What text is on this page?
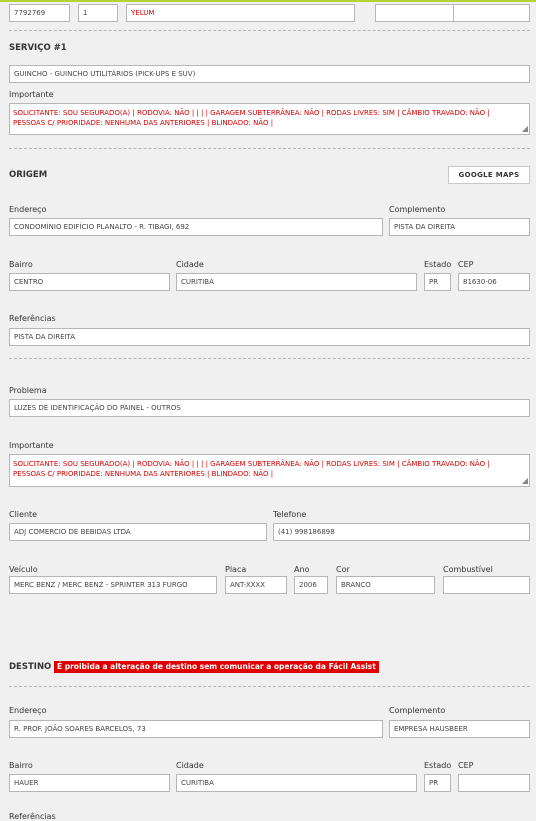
7792769	1	YELUM
SERVIÇO #1
GUINCHO - GUINCHO UTILITÁRIOS (PICK-UPS E SUV)
Importante
SOLICITANTE: SOU SEGURADO(A) | RODOVIA: NÃO | | | | GARAGEM SUBTERRÂNEA: NÃO | RODAS LIVRES: SIM | CÂMBIO TRAVADO: NÃO |
PESSOAS C/ PRIORIDADE: NENHUMA DAS ANTERIORES | BLINDADO: NÃO |
◢
ORIGEM	GOOGLE MAPS
Endereço
CONDOMÍNIO EDIFÍCIO PLANALTO - R. TIBAGI, 692
Complemento
PISTA DA DIREITA
Bairro
CENTRO
Cidade
CURITIBA
Estado
PR
CEP
81630-06
Referências
PISTA DA DIREITA
Problema
LUZES DE IDENTIFICAÇÃO DO PAINEL - OUTROS
Importante
SOLICITANTE: SOU SEGURADO(A) | RODOVIA: NÃO | | | | GARAGEM SUBTERRÂNEA: NÃO | RODAS LIVRES: SIM | CÂMBIO TRAVADO: NÃO |
PESSOAS C/ PRIORIDADE: NENHUMA DAS ANTERIORES | BLINDADO: NÃO |
◢
Cliente
ADJ COMERCIO DE BEBIDAS LTDA
Telefone
(41) 998186898
Veículo
MERC BENZ / MERC BENZ - SPRINTER 313 FURGO
Placa
ANT-XXXX
Ano
2006
Cor
BRANCO
Combustível
DESTINO É proibida a alteração de destino sem comunicar a operação da Fácil Assist
Endereço
R. PROF. JOÃO SOARES BARCELOS, 73
Complemento
EMPRESA HAUSBEER
Bairro
HAUER
Cidade
CURITIBA
Estado
PR
CEP
Referências
